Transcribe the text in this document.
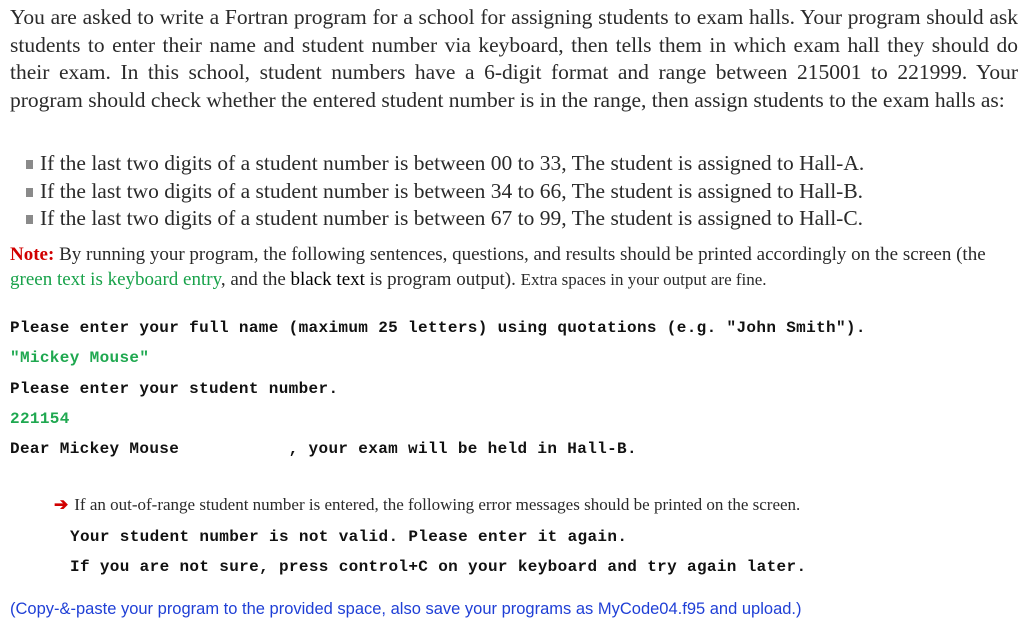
You are asked to write a Fortran program for a school for assigning students to exam halls. Your program should ask students to enter their name and student number via keyboard, then tells them in which exam hall they should do their exam. In this school, student numbers have a 6-digit format and range between 215001 to 221999. Your program should check whether the entered student number is in the range, then assign students to the exam halls as:
If the last two digits of a student number is between 00 to 33, The student is assigned to Hall-A.
If the last two digits of a student number is between 34 to 66, The student is assigned to Hall-B.
If the last two digits of a student number is between 67 to 99, The student is assigned to Hall-C.
Note: By running your program, the following sentences, questions, and results should be printed accordingly on the screen (the green text is keyboard entry, and the black text is program output). Extra spaces in your output are fine.
Please enter your full name (maximum 25 letters) using quotations (e.g. "John Smith").
"Mickey Mouse"
Please enter your student number.
221154
Dear Mickey Mouse           , your exam will be held in Hall-B.
➔ If an out-of-range student number is entered, the following error messages should be printed on the screen.
Your student number is not valid. Please enter it again.
If you are not sure, press control+C on your keyboard and try again later.
(Copy-&-paste your program to the provided space, also save your programs as MyCode04.f95 and upload.)
